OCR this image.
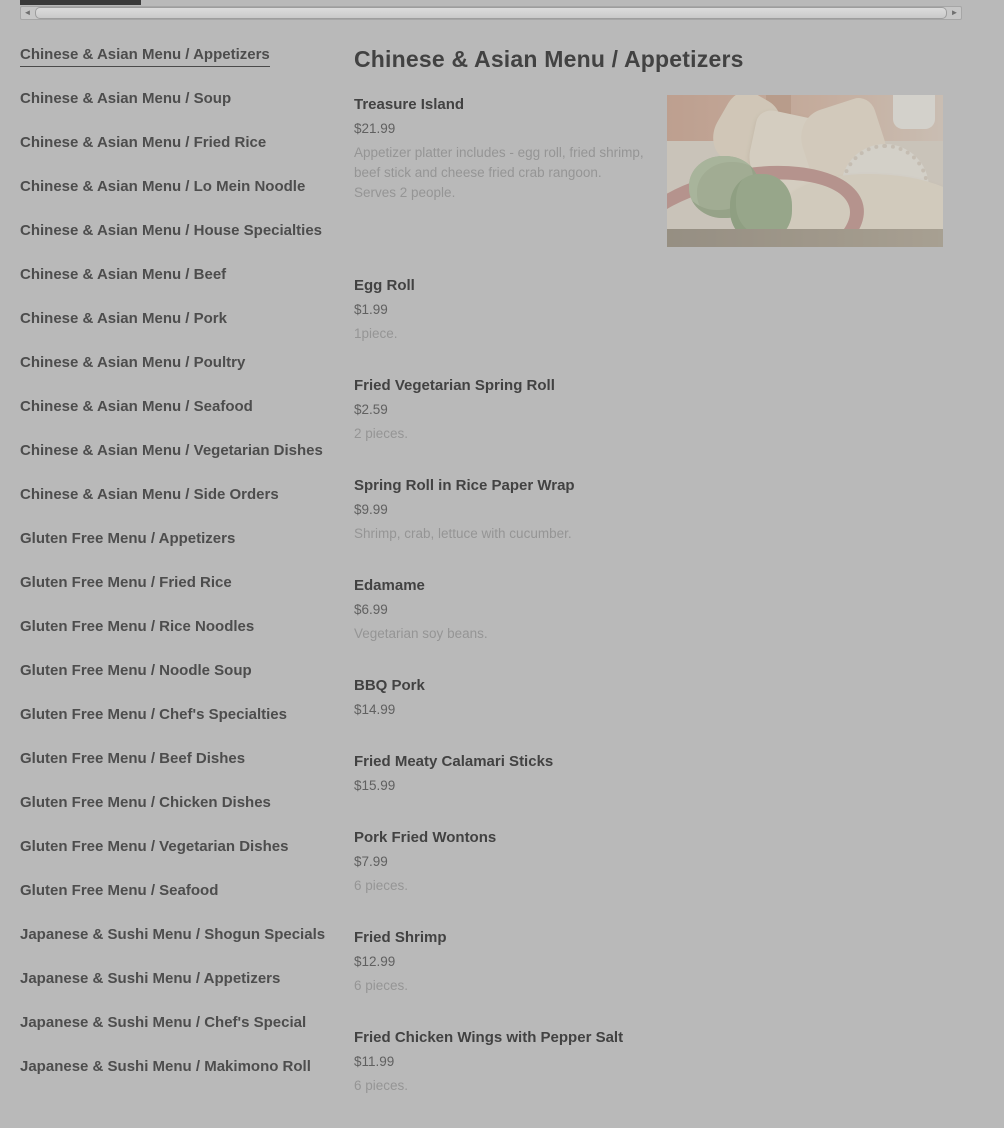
◄	►
Chinese & Asian Menu / Appetizers
Chinese & Asian Menu / Soup
Chinese & Asian Menu / Fried Rice
Chinese & Asian Menu / Lo Mein Noodle
Chinese & Asian Menu / House Specialties
Chinese & Asian Menu / Beef
Chinese & Asian Menu / Pork
Chinese & Asian Menu / Poultry
Chinese & Asian Menu / Seafood
Chinese & Asian Menu / Vegetarian Dishes
Chinese & Asian Menu / Side Orders
Gluten Free Menu / Appetizers
Gluten Free Menu / Fried Rice
Gluten Free Menu / Rice Noodles
Gluten Free Menu / Noodle Soup
Gluten Free Menu / Chef's Specialties
Gluten Free Menu / Beef Dishes
Gluten Free Menu / Chicken Dishes
Gluten Free Menu / Vegetarian Dishes
Gluten Free Menu / Seafood
Japanese & Sushi Menu / Shogun Specials
Japanese & Sushi Menu / Appetizers
Japanese & Sushi Menu / Chef's Special
Japanese & Sushi Menu / Makimono Roll
Chinese & Asian Menu / Appetizers
Treasure Island
$21.99
Appetizer platter includes - egg roll, fried shrimp, beef stick and cheese fried crab rangoon. Serves 2 people.
Egg Roll
$1.99
1piece.
Fried Vegetarian Spring Roll
$2.59
2 pieces.
Spring Roll in Rice Paper Wrap
$9.99
Shrimp, crab, lettuce with cucumber.
Edamame
$6.99
Vegetarian soy beans.
BBQ Pork
$14.99
Fried Meaty Calamari Sticks
$15.99
Pork Fried Wontons
$7.99
6 pieces.
Fried Shrimp
$12.99
6 pieces.
Fried Chicken Wings with Pepper Salt
$11.99
6 pieces.
